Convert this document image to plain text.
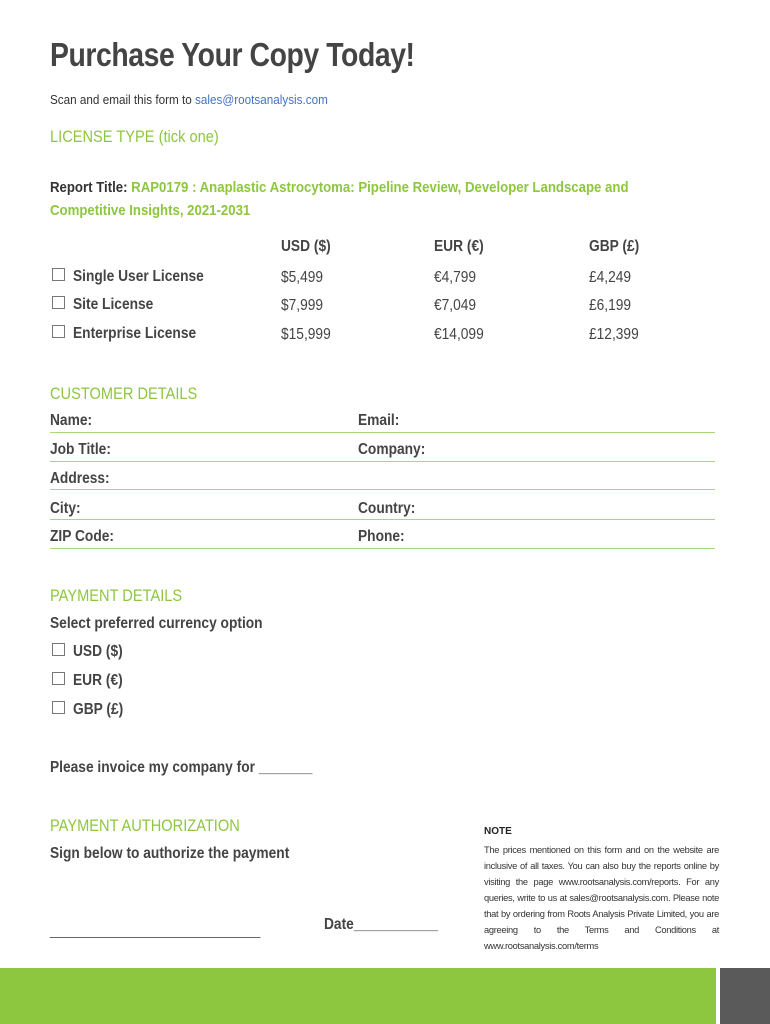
Purchase Your Copy Today!
Scan and email this form to sales@rootsanalysis.com
LICENSE TYPE (tick one)
Report Title: RAP0179 : Anaplastic Astrocytoma: Pipeline Review, Developer Landscape and Competitive Insights, 2021-2031
USD ($)	EUR (€)	GBP (£)
Single User License	$5,499	€4,799	£4,249
Site License	$7,999	€7,049	£6,199
Enterprise License	$15,999	€14,099	£12,399
CUSTOMER DETAILS
Name:	Email:
Job Title:	Company:
Address:
City:	Country:
ZIP Code:	Phone:
PAYMENT DETAILS
Select preferred currency option
USD ($)
EUR (€)
GBP (£)
Please invoice my company for _______
PAYMENT AUTHORIZATION
Sign below to authorize the payment
______________________________	Date___________
NOTE
The prices mentioned on this form and on the website are inclusive of all taxes. You can also buy the reports online by visiting the page www.rootsanalysis.com/reports. For any queries, write to us at sales@rootsanalysis.com. Please note that by ordering from Roots Analysis Private Limited, you are agreeing to the Terms and Conditions at www.rootsanalysis.com/terms
